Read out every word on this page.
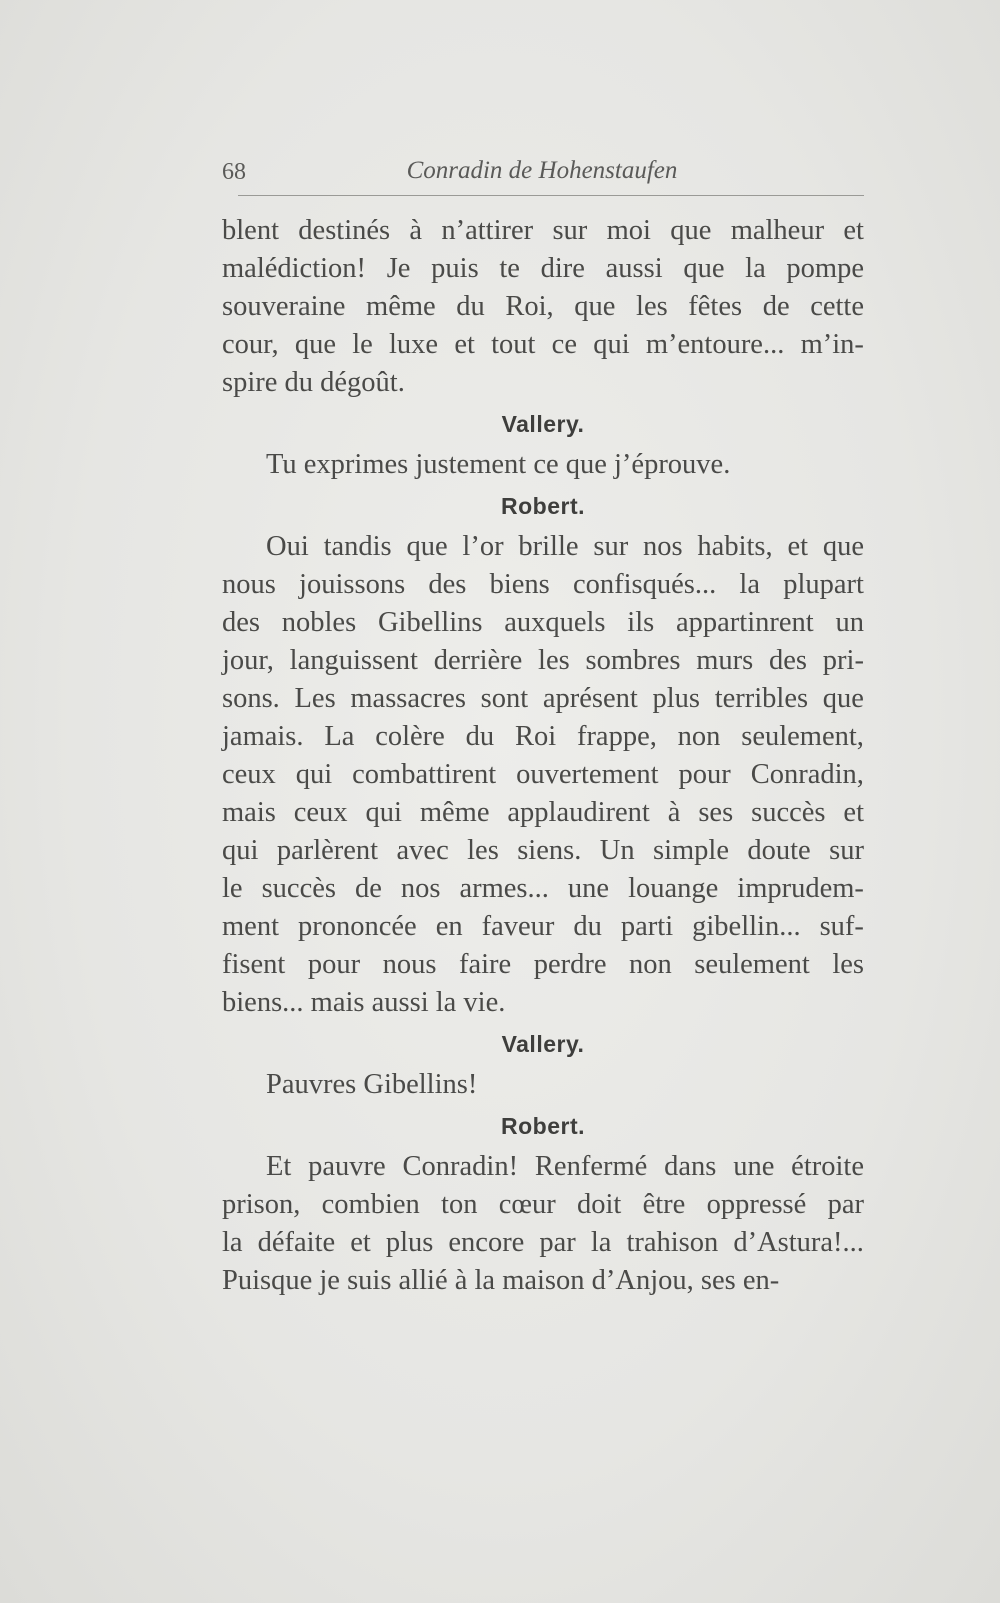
68	Conradin de Hohenstaufen
blent destinés à n’attirer sur moi que malheur et
malédiction! Je puis te dire aussi que la pompe
souveraine même du Roi, que les fêtes de cette
cour, que le luxe et tout ce qui m’entoure... m’in-
spire du dégoût.
Vallery.
Tu exprimes justement ce que j’éprouve.
Robert.
Oui tandis que l’or brille sur nos habits, et que
nous jouissons des biens confisqués... la plupart
des nobles Gibellins auxquels ils appartinrent un
jour, languissent derrière les sombres murs des pri-
sons. Les massacres sont aprésent plus terribles que
jamais. La colère du Roi frappe, non seulement,
ceux qui combattirent ouvertement pour Conradin,
mais ceux qui même applaudirent à ses succès et
qui parlèrent avec les siens. Un simple doute sur
le succès de nos armes... une louange imprudem-
ment prononcée en faveur du parti gibellin... suf-
fisent pour nous faire perdre non seulement les
biens... mais aussi la vie.
Vallery.
Pauvres Gibellins!
Robert.
Et pauvre Conradin! Renfermé dans une étroite
prison, combien ton cœur doit être oppressé par
la défaite et plus encore par la trahison d’Astura!...
Puisque je suis allié à la maison d’Anjou, ses en-
